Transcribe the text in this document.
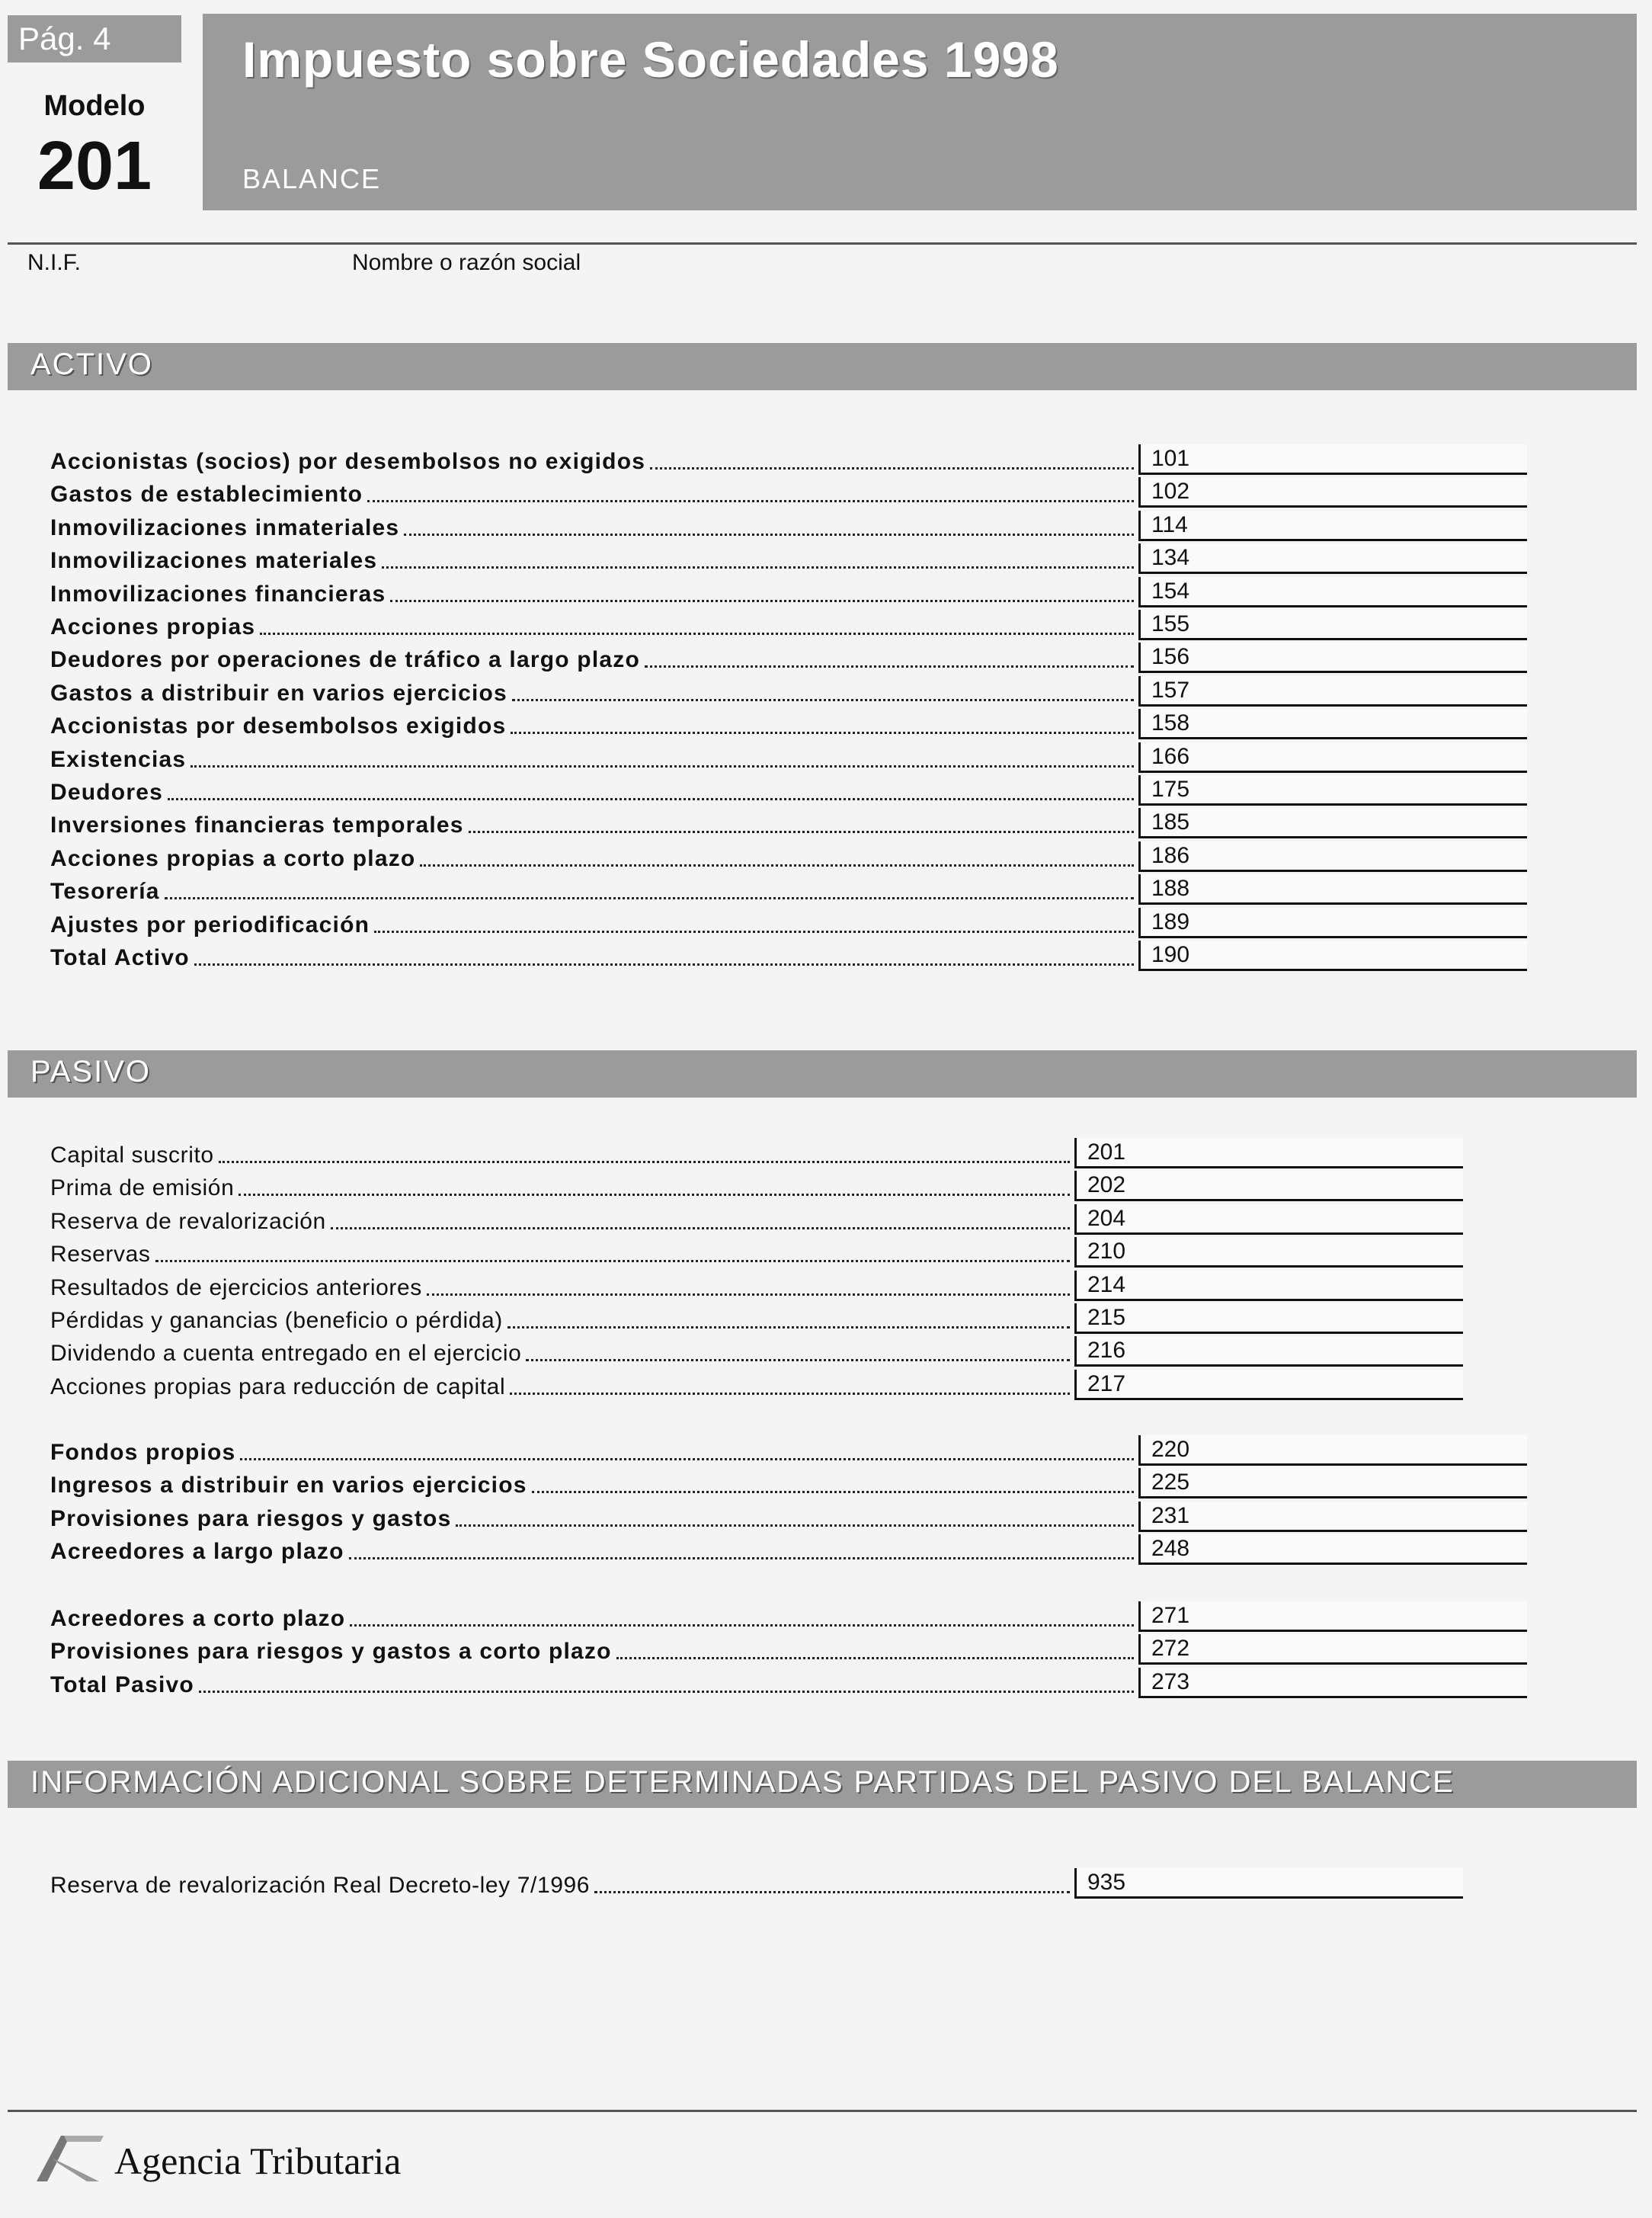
Pág. 4
Modelo
201
Impuesto sobre Sociedades 1998
BALANCE
N.I.F.	Nombre o razón social
ACTIVO
Accionistas (socios) por desembolsos no exigidos	101
Gastos de establecimiento	102
Inmovilizaciones inmateriales	114
Inmovilizaciones materiales	134
Inmovilizaciones financieras	154
Acciones propias	155
Deudores por operaciones de tráfico a largo plazo	156
Gastos a distribuir en varios ejercicios	157
Accionistas por desembolsos exigidos	158
Existencias	166
Deudores	175
Inversiones financieras temporales	185
Acciones propias a corto plazo	186
Tesorería	188
Ajustes por periodificación	189
Total Activo	190
PASIVO
Capital suscrito	201
Prima de emisión	202
Reserva de revalorización	204
Reservas	210
Resultados de ejercicios anteriores	214
Pérdidas y ganancias (beneficio o pérdida)	215
Dividendo a cuenta entregado en el ejercicio	216
Acciones propias para reducción de capital	217
Fondos propios	220
Ingresos a distribuir en varios ejercicios	225
Provisiones para riesgos y gastos	231
Acreedores a largo plazo	248
Acreedores a corto plazo	271
Provisiones para riesgos y gastos a corto plazo	272
Total Pasivo	273
INFORMACIÓN ADICIONAL SOBRE DETERMINADAS PARTIDAS DEL PASIVO DEL BALANCE
Reserva de revalorización Real Decreto-ley 7/1996	935
Agencia Tributaria
